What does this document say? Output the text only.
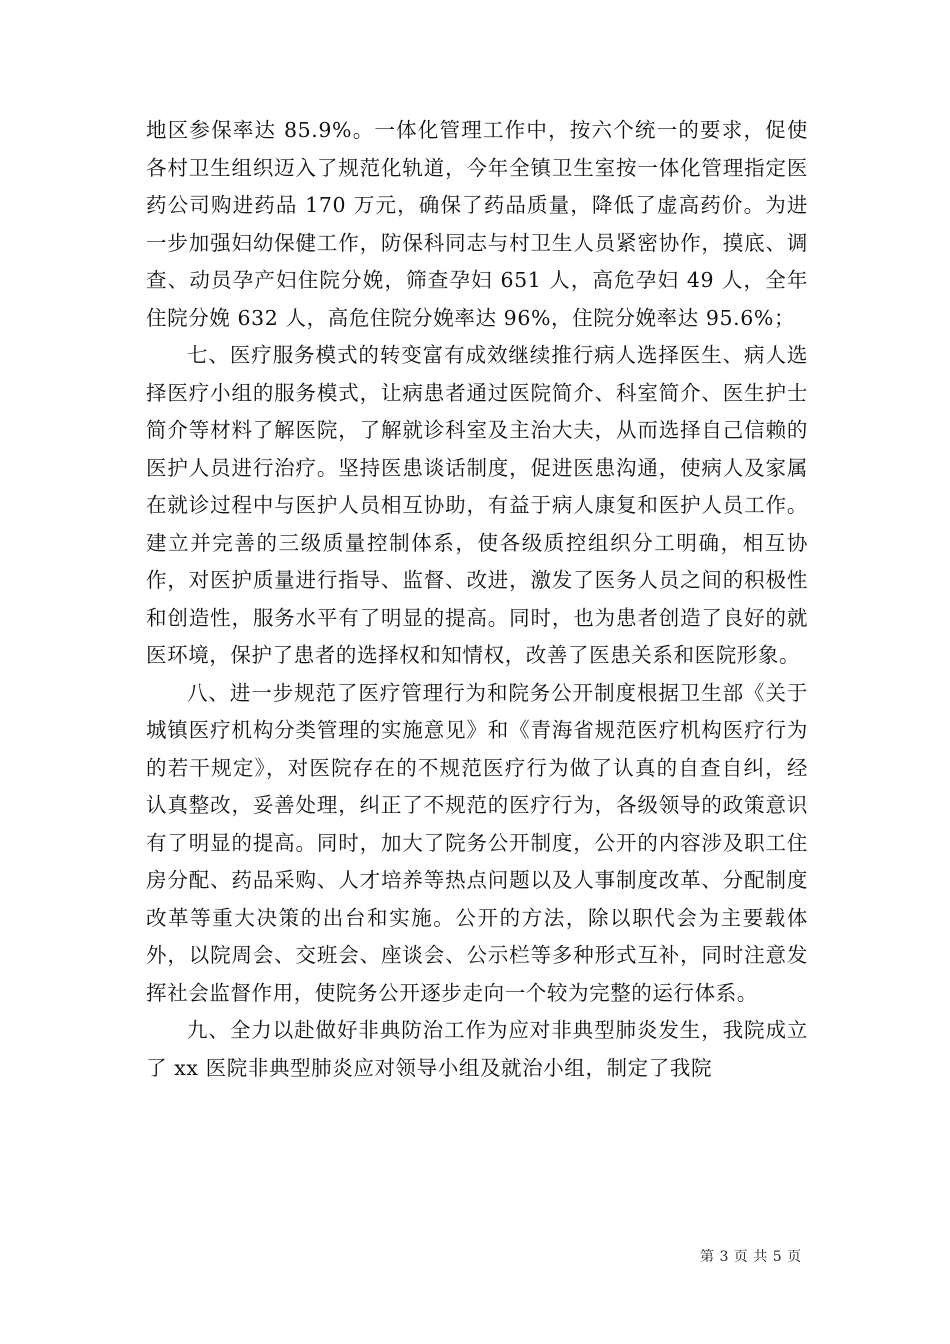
地区参保率达 85.9%。一体化管理工作中，按六个统一的要求，促使各村卫生组织迈入了规范化轨道，今年全镇卫生室按一体化管理指定医药公司购进药品 170 万元，确保了药品质量，降低了虚高药价。为进一步加强妇幼保健工作，防保科同志与村卫生人员紧密协作，摸底、调查、动员孕产妇住院分娩，筛查孕妇 651 人，高危孕妇 49 人，全年住院分娩 632 人，高危住院分娩率达 96%，住院分娩率达 95.6%；

七、医疗服务模式的转变富有成效继续推行病人选择医生、病人选择医疗小组的服务模式，让病患者通过医院简介、科室简介、医生护士简介等材料了解医院，了解就诊科室及主治大夫，从而选择自己信赖的医护人员进行治疗。坚持医患谈话制度，促进医患沟通，使病人及家属在就诊过程中与医护人员相互协助，有益于病人康复和医护人员工作。建立并完善的三级质量控制体系，使各级质控组织分工明确，相互协作，对医护质量进行指导、监督、改进，激发了医务人员之间的积极性和创造性，服务水平有了明显的提高。同时，也为患者创造了良好的就医环境，保护了患者的选择权和知情权，改善了医患关系和医院形象。

八、进一步规范了医疗管理行为和院务公开制度根据卫生部《关于城镇医疗机构分类管理的实施意见》和《青海省规范医疗机构医疗行为的若干规定》，对医院存在的不规范医疗行为做了认真的自查自纠，经认真整改，妥善处理，纠正了不规范的医疗行为，各级领导的政策意识有了明显的提高。同时，加大了院务公开制度，公开的内容涉及职工住房分配、药品采购、人才培养等热点问题以及人事制度改革、分配制度改革等重大决策的出台和实施。公开的方法，除以职代会为主要载体外，以院周会、交班会、座谈会、公示栏等多种形式互补，同时注意发挥社会监督作用，使院务公开逐步走向一个较为完整的运行体系。

九、全力以赴做好非典防治工作为应对非典型肺炎发生，我院成立了 xx 医院非典型肺炎应对领导小组及就治小组，制定了我院

第 3 页 共 5 页
